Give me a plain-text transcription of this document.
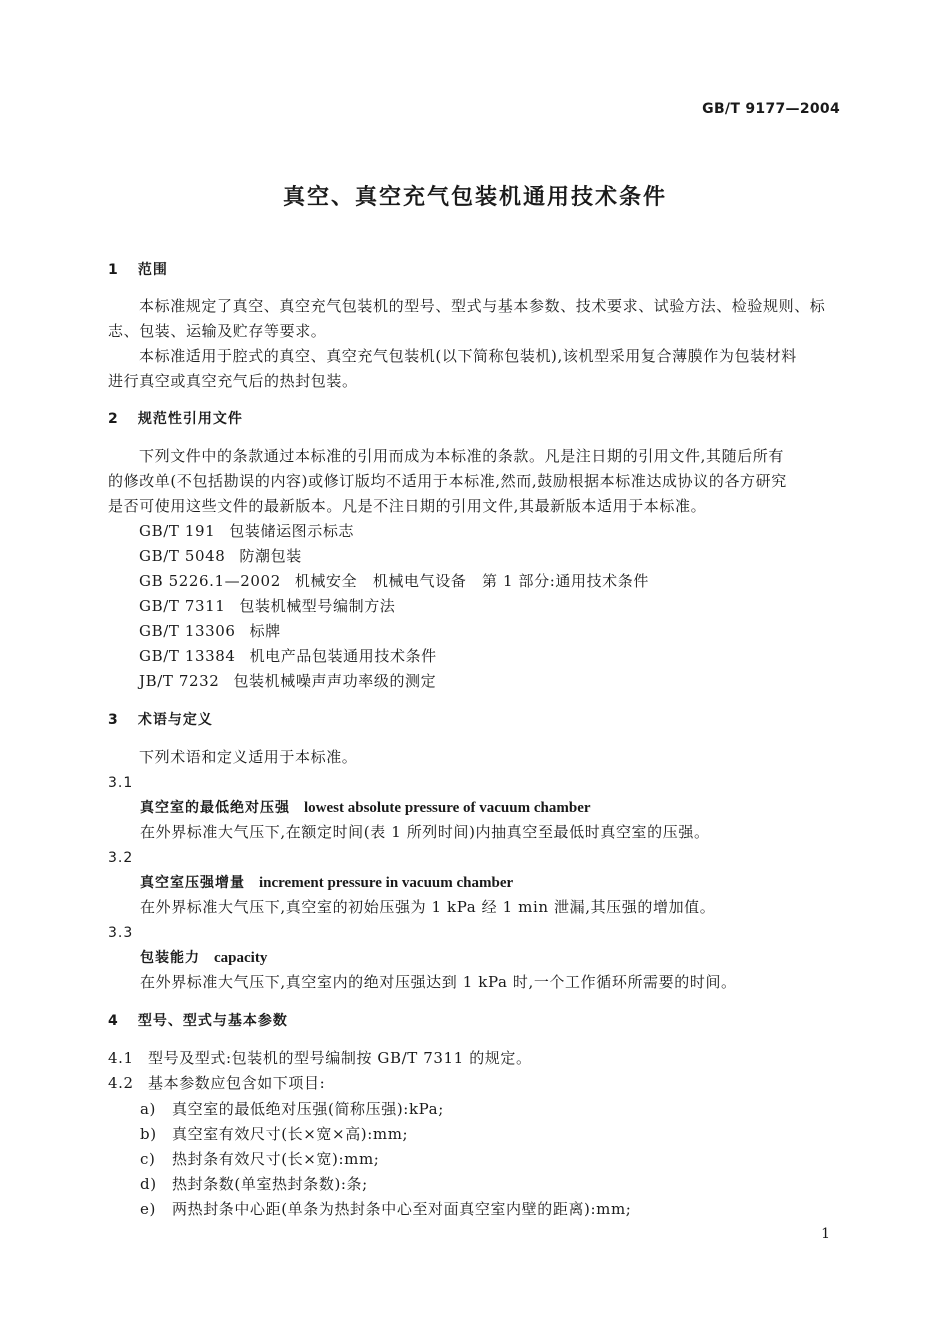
GB/T 9177—2004
真空、真空充气包装机通用技术条件
1 范围
本标准规定了真空、真空充气包装机的型号、型式与基本参数、技术要求、试验方法、检验规则、标
志、包装、运输及贮存等要求。
本标准适用于腔式的真空、真空充气包装机(以下简称包装机),该机型采用复合薄膜作为包装材料
进行真空或真空充气后的热封包装。
2 规范性引用文件
下列文件中的条款通过本标准的引用而成为本标准的条款。凡是注日期的引用文件,其随后所有
的修改单(不包括勘误的内容)或修订版均不适用于本标准,然而,鼓励根据本标准达成协议的各方研究
是否可使用这些文件的最新版本。凡是不注日期的引用文件,其最新版本适用于本标准。
GB/T 191 包装储运图示标志
GB/T 5048 防潮包装
GB 5226.1—2002 机械安全　机械电气设备　第 1 部分:通用技术条件
GB/T 7311 包装机械型号编制方法
GB/T 13306 标牌
GB/T 13384 机电产品包装通用技术条件
JB/T 7232 包装机械噪声声功率级的测定
3 术语与定义
下列术语和定义适用于本标准。
3.1
真空室的最低绝对压强 lowest absolute pressure of vacuum chamber
在外界标准大气压下,在额定时间(表 1 所列时间)内抽真空至最低时真空室的压强。
3.2
真空室压强增量 increment pressure in vacuum chamber
在外界标准大气压下,真空室的初始压强为 1 kPa 经 1 min 泄漏,其压强的增加值。
3.3
包装能力 capacity
在外界标准大气压下,真空室内的绝对压强达到 1 kPa 时,一个工作循环所需要的时间。
4 型号、型式与基本参数
4.1 型号及型式:包装机的型号编制按 GB/T 7311 的规定。
4.2 基本参数应包含如下项目:
a) 真空室的最低绝对压强(简称压强):kPa;
b) 真空室有效尺寸(长×宽×高):mm;
c) 热封条有效尺寸(长×宽):mm;
d) 热封条数(单室热封条数):条;
e) 两热封条中心距(单条为热封条中心至对面真空室内壁的距离):mm;
1
